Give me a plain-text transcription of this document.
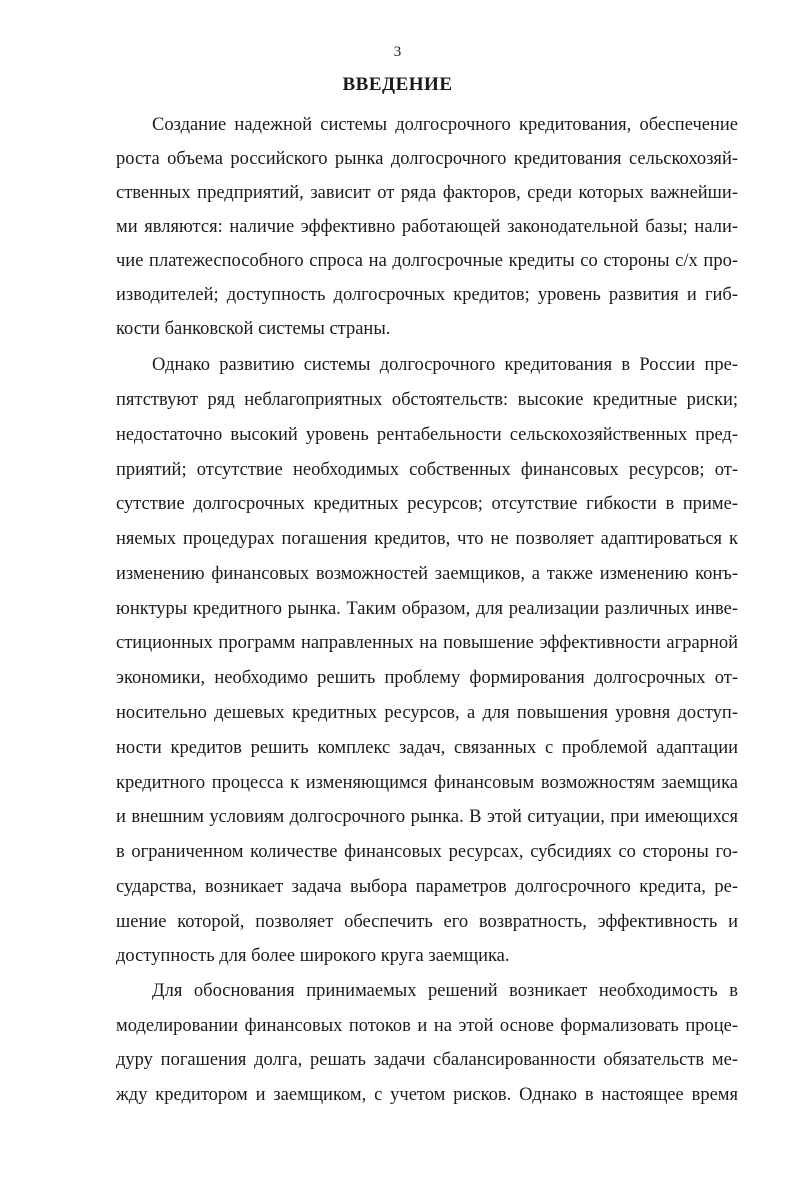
3

ВВЕДЕНИЕ

Создание надежной системы долгосрочного кредитования, обеспечение

роста объема российского рынка долгосрочного кредитования сельскохозяй-

ственных предприятий, зависит от ряда факторов, среди которых важнейши-

ми являются: наличие эффективно работающей законодательной базы; нали-

чие платежеспособного спроса на долгосрочные кредиты со стороны с/х про-

изводителей; доступность долгосрочных кредитов; уровень развития и гиб-

кости банковской системы страны.

Однако развитию системы долгосрочного кредитования в России пре-

пятствуют ряд неблагоприятных обстоятельств: высокие кредитные риски;

недостаточно высокий уровень рентабельности сельскохозяйственных пред-

приятий; отсутствие необходимых собственных финансовых ресурсов; от-

сутствие долгосрочных кредитных ресурсов; отсутствие гибкости в приме-

няемых процедурах погашения кредитов, что не позволяет адаптироваться к

изменению финансовых возможностей заемщиков, а также изменению конъ-

юнктуры кредитного рынка. Таким образом, для реализации различных инве-

стиционных программ направленных на повышение эффективности аграрной

экономики, необходимо решить проблему формирования долгосрочных от-

носительно дешевых кредитных ресурсов, а для повышения уровня доступ-

ности кредитов решить комплекс задач, связанных с проблемой адаптации

кредитного процесса к изменяющимся финансовым возможностям заемщика

и внешним условиям долгосрочного рынка. В этой ситуации, при имеющихся

в ограниченном количестве финансовых ресурсах, субсидиях со стороны го-

сударства, возникает задача выбора параметров долгосрочного кредита, ре-

шение которой, позволяет обеспечить его возвратность, эффективность и

доступность для более широкого круга заемщика.

Для обоснования принимаемых решений возникает необходимость в

моделировании финансовых потоков и на этой основе формализовать проце-

дуру погашения долга, решать задачи сбалансированности обязательств ме-

жду кредитором и заемщиком, с учетом рисков. Однако в настоящее время
